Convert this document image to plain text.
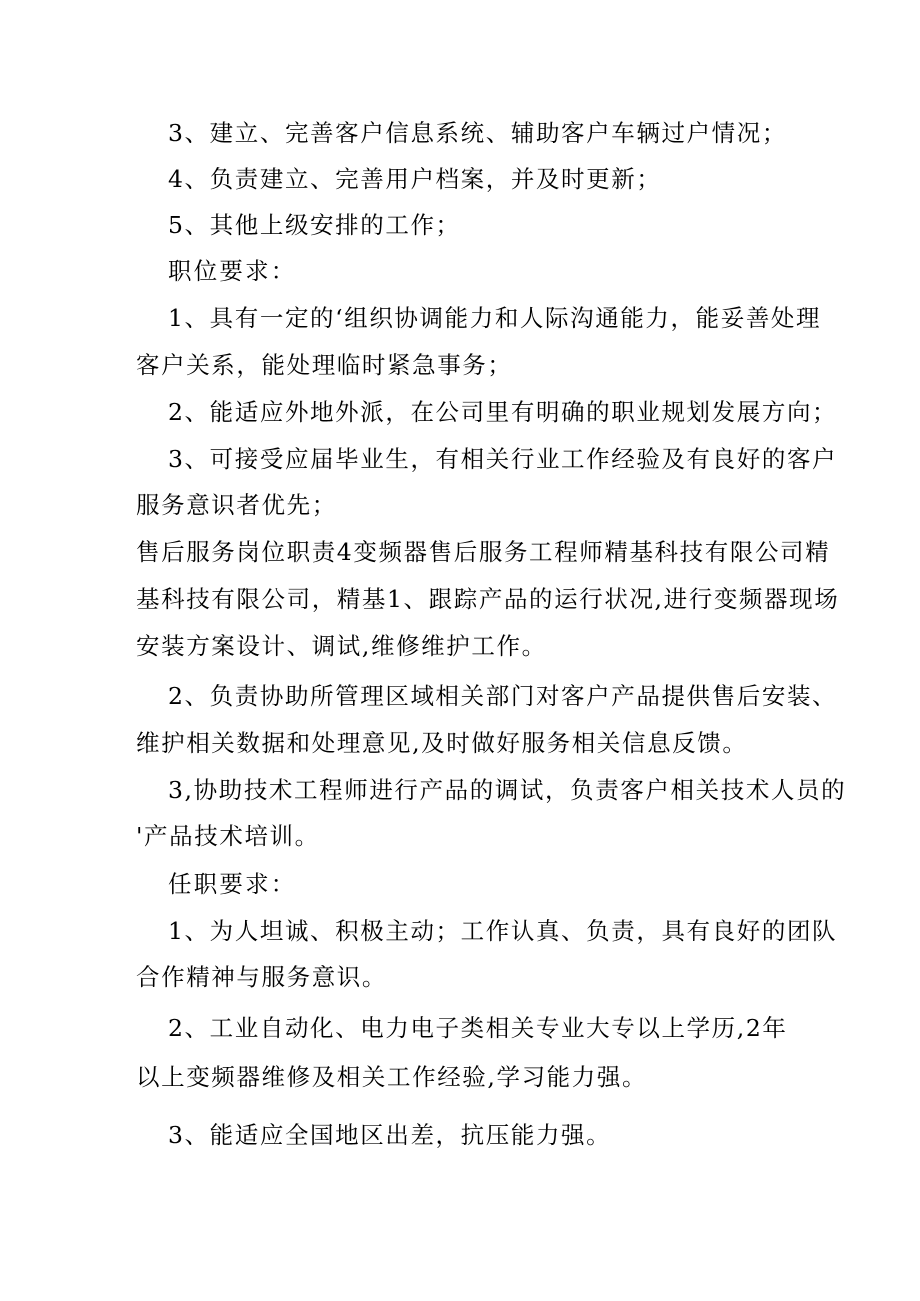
3、建立、完善客户信息系统、辅助客户车辆过户情况；
4、负责建立、完善用户档案，并及时更新；
5、其他上级安排的工作；
职位要求：
1、具有一定的‘组织协调能力和人际沟通能力，能妥善处理
客户关系，能处理临时紧急事务；
2、能适应外地外派，在公司里有明确的职业规划发展方向；
3、可接受应届毕业生，有相关行业工作经验及有良好的客户
服务意识者优先；
售后服务岗位职责4变频器售后服务工程师精基科技有限公司精
基科技有限公司，精基1、跟踪产品的运行状况,进行变频器现场
安装方案设计、调试,维修维护工作。
2、负责协助所管理区域相关部门对客户产品提供售后安装、
维护相关数据和处理意见,及时做好服务相关信息反馈。
3,协助技术工程师进行产品的调试，负责客户相关技术人员的
'产品技术培训。
任职要求：
1、为人坦诚、积极主动；工作认真、负责，具有良好的团队
合作精神与服务意识。
2、工业自动化、电力电子类相关专业大专以上学历,2年
以上变频器维修及相关工作经验,学习能力强。
3、能适应全国地区出差，抗压能力强。
